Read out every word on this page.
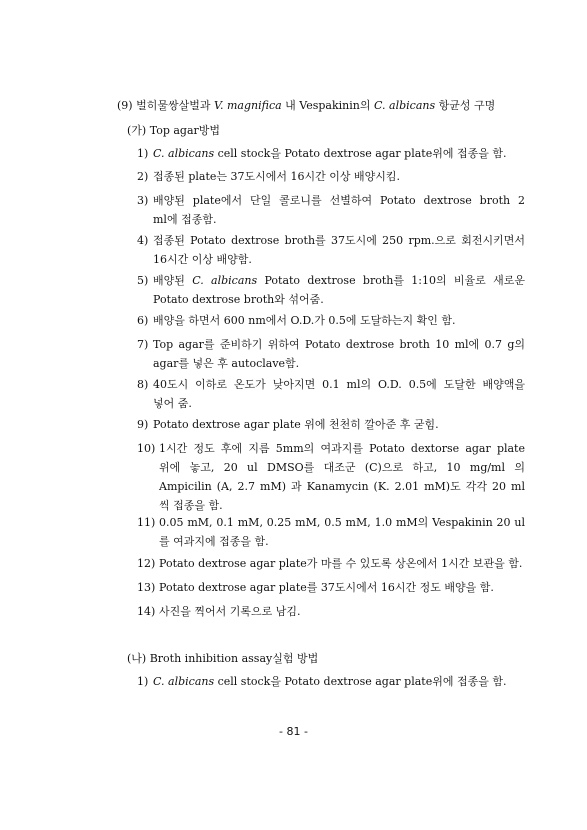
(9) 벌히물쌍살벌과 V. magnifica 내 Vespakinin의 C. albicans 항균성 구명
(가) Top agar방법
1) C. albicans cell stock을 Potato dextrose agar plate위에 접종을 함.
2) 접종된 plate는 37도시에서 16시간 이상 배양시킴.
3) 배양된 plate에서 단일 콜로니를 선별하여 Potato dextrose broth 2
ml에 접종함.
4) 접종된 Potato dextrose broth를 37도시에 250 rpm.으로 회전시키면서
16시간 이상 배양함.
5) 배양된 C. albicans Potato dextrose broth를 1:10의 비율로 새로운
Potato dextrose broth와 섞어줌.
6) 배양을 하면서 600 nm에서 O.D.가 0.5에 도달하는지 확인 함.
7) Top agar를 준비하기 위하여 Potato dextrose broth 10 ml에 0.7 g의
agar를 넣은 후 autoclave함.
8) 40도시 이하로 온도가 낮아지면 0.1 ml의 O.D. 0.5에 도달한 배양액을
넣어 줌.
9) Potato dextrose agar plate 위에 천천히 깔아준 후 굳힘.
10) 1시간 정도 후에 지름 5mm의 여과지를 Potato dextorse agar plate
위에 놓고, 20 ul DMSO를 대조군 (C)으로 하고, 10 mg/ml 의
Ampicilin (A, 2.7 mM) 과 Kanamycin (K. 2.01 mM)도 각각 20 ml
씩 접종을 함.
11) 0.05 mM, 0.1 mM, 0.25 mM, 0.5 mM, 1.0 mM의 Vespakinin 20 ul
를 여과지에 접종을 함.
12) Potato dextrose agar plate가 마를 수 있도록 상온에서 1시간 보관을 함.
13) Potato dextrose agar plate를 37도시에서 16시간 정도 배양을 함.
14) 사진을 찍어서 기록으로 남김.
(나) Broth inhibition assay실험 방법
1) C. albicans cell stock을 Potato dextrose agar plate위에 접종을 함.
- 81 -
